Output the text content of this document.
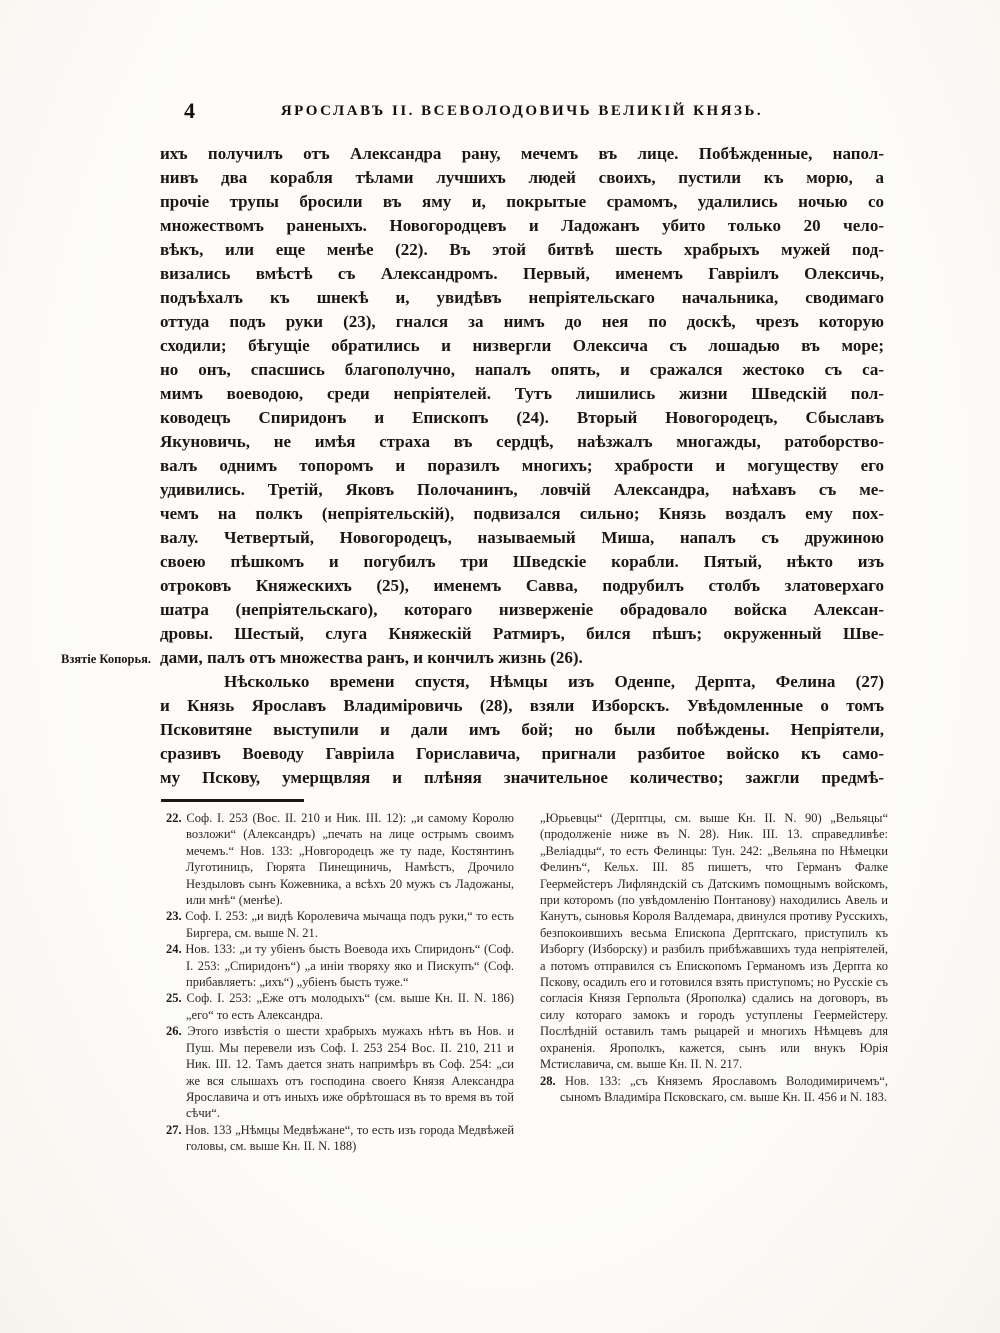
4	ЯРОСЛАВЪ II. ВСЕВОЛОДОВИЧЬ ВЕЛИКІЙ КНЯЗЬ.
Взятіе Копорья.
ихъ получилъ отъ Александра рану, мечемъ въ лице. Побѣжденные, напол-
нивъ два корабля тѣлами лучшихъ людей своихъ, пустили къ морю, а
прочіе трупы бросили въ яму и, покрытые срамомъ, удалились ночью со
множествомъ раненыхъ. Новогородцевъ и Ладожанъ убито только 20 чело-
вѣкъ, или еще менѣе (22). Въ этой битвѣ шесть храбрыхъ мужей под-
визались вмѣстѣ съ Александромъ. Первый, именемъ Гавріилъ Олексичь,
подъѣхалъ къ шнекѣ и, увидѣвъ непріятельскаго начальника, сводимаго
оттуда подъ руки (23), гнался за нимъ до нея по доскѣ, чрезъ которую
сходили; бѣгущіе обратились и низвергли Олексича съ лошадью въ море;
но онъ, спасшись благополучно, напалъ опять, и сражался жестоко съ са-
мимъ воеводою, среди непріятелей. Тутъ лишились жизни Шведскій пол-
ководецъ Спиридонъ и Епископъ (24). Вторый Новогородецъ, Сбыславъ
Якуновичь, не имѣя страха въ сердцѣ, наѣзжалъ многажды, ратоборство-
валъ однимъ топоромъ и поразилъ многихъ; храбрости и могуществу его
удивились. Третій, Яковъ Полочанинъ, ловчій Александра, наѣхавъ съ ме-
чемъ на полкъ (непріятельскій), подвизался сильно; Князь воздалъ ему пох-
валу. Четвертый, Новогородецъ, называемый Миша, напалъ съ дружиною
своею пѣшкомъ и погубилъ три Шведскіе корабли. Пятый, нѣкто изъ
отроковъ Княжескихъ (25), именемъ Савва, подрубилъ столбъ златоверхаго
шатра (непріятельскаго), котораго низверженіе обрадовало войска Алексан-
дровы. Шестый, слуга Княжескій Ратмиръ, бился пѣшъ; окруженный Шве-
дами, палъ отъ множества ранъ, и кончилъ жизнь (26).
Нѣсколько времени спустя, Нѣмцы изъ Оденпе, Дерпта, Фелина (27)
и Князь Ярославъ Владиміровичь (28), взяли Изборскъ. Увѣдомленные о томъ
Псковитяне выступили и дали имъ бой; но были побѣждены. Непріятели,
сразивъ Воеводу Гавріила Гориславича, пригнали разбитое войско къ само-
му Пскову, умерщвляя и плѣняя значительное количество; зажгли предмѣ-
22. Соф. I. 253 (Вос. II. 210 и Ник. III. 12): „и самому Королю возложи“ (Александръ) „печать на лице острымъ своимъ мечемъ.“ Нов. 133: „Новгородецъ же ту паде, Костянтинъ Луготиницъ, Гюрята Пинещиничь, Намѣстъ, Дрочило Нездыловъ сынъ Кожевника, а всѣхъ 20 мужъ съ Ладожаны, или мнѣ“ (менѣе).
23. Соф. I. 253: „и видѣ Королевича мычаща подъ руки,“ то есть Биргера, см. выше N. 21.
24. Нов. 133: „и ту убіенъ бысть Воевода ихъ Спиридонъ“ (Соф. I. 253: „Спиридонъ“) „а иніи творяху яко и Пискупъ“ (Соф. прибавляетъ: „ихъ“) „убіенъ бысть туже.“
25. Соф. I. 253: „Еже отъ молодыхъ“ (см. выше Кн. II. N. 186) „его“ то есть Александра.
26. Этого извѣстія о шести храбрыхъ мужахъ нѣтъ въ Нов. и Пуш. Мы перевели изъ Соф. I. 253 254 Вос. II. 210, 211 и Ник. III. 12. Тамъ дается знать напримѣръ въ Соф. 254: „си же вся слышахъ отъ господина своего Князя Александра Ярославича и отъ иныхъ иже обрѣтошася въ то время въ той сѣчи“.
27. Нов. 133 „Нѣмцы Медвѣжане“, то есть изъ города Медвѣжей головы, см. выше Кн. II. N. 188)
„Юрьевцы“ (Дерптцы, см. выше Кн. II. N. 90) „Вельяцы“ (продолженіе ниже въ N. 28). Ник. III. 13. справедливѣе: „Веліадцы“, то есть Фелинцы: Тун. 242: „Вельяна по Нѣмецки Фелинъ“, Кельх. III. 85 пишетъ, что Германъ Фалке Геермейстеръ Лифляндскій съ Датскимъ помощнымъ войскомъ, при которомъ (по увѣдомленію Понтанову) находились Авель и Канутъ, сыновья Короля Валдемара, двинулся противу Русскихъ, безпокоившихъ весьма Епископа Дерптскаго, приступилъ къ Изборгу (Изборску) и разбилъ прибѣжавшихъ туда непріятелей, а потомъ отправился съ Епископомъ Германомъ изъ Дерпта ко Пскову, осадилъ его и готовился взять приступомъ; но Русскіе съ согласія Князя Герпольта (Ярополка) сдались на договоръ, въ силу котораго замокъ и городъ уступлены Геермейстеру. Послѣдній оставилъ тамъ рыцарей и многихъ Нѣмцевъ для охраненія. Ярополкъ, кажется, сынъ или внукъ Юрія Мстиславича, см. выше Кн. II. N. 217.
28. Нов. 133: „съ Княземъ Ярославомъ Володимиричемъ“, сыномъ Владиміра Псковскаго, см. выше Кн. II. 456 и N. 183.
